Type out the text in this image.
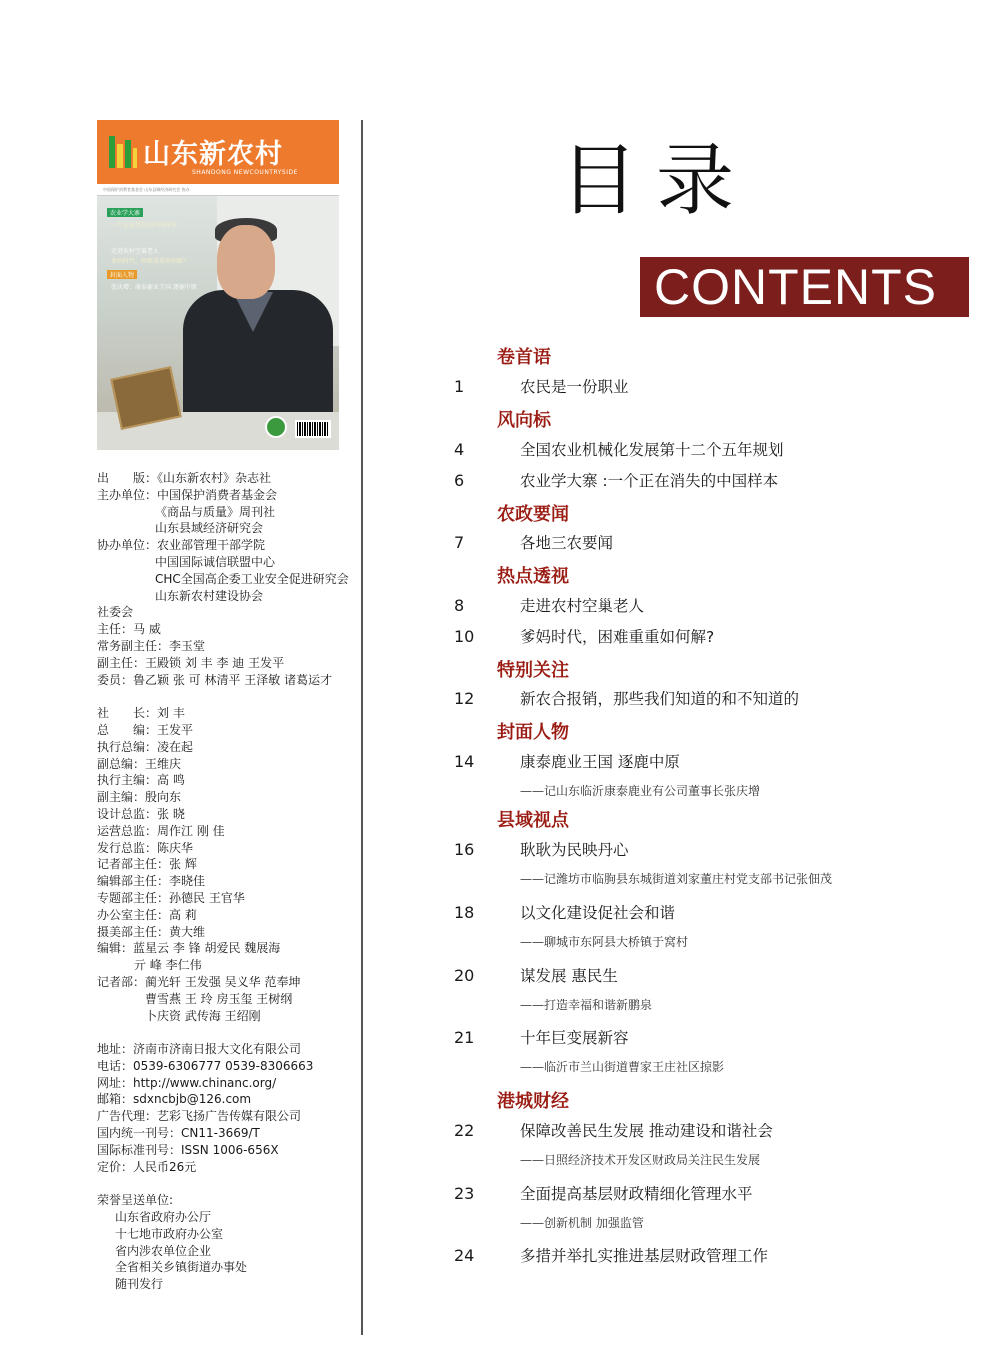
山东新农村
SHANDONG NEWCOUNTRYSIDE
中国保护消费者基金会 山东县域经济研究会 协办
农业学大寨
一个正在消失的中国样本
走进农村空巢老人
爹妈时代，困难重重如何解？
封面人物
张庆增：康泰鹿业王国 逐鹿中原
出　　版：《山东新农村》杂志社
主办单位：中国保护消费者基金会
《商品与质量》周刊社
山东县域经济研究会
协办单位：农业部管理干部学院
中国国际诚信联盟中心
CHC全国高企委工业安全促进研究会
山东新农村建设协会
社委会
主任：马 威
常务副主任：李玉堂
副主任：王殿锁 刘 丰 李 迪 王发平
委员：鲁乙颖 张 可 林清平 王泽敏 诸葛运才
社　　长：刘 丰
总　　编：王发平
执行总编：凌在起
副总编：王维庆
执行主编：高 鸣
副主编：殷向东
设计总监：张 晓
运营总监：周作江 刚 佳
发行总监：陈庆华
记者部主任：张 辉
编辑部主任：李晓佳
专题部主任：孙德民 王官华
办公室主任：高 莉
摄美部主任：黄大维
编辑：蓝星云 李 锋 胡爱民 魏展海
亓 峰 李仁伟
记者部：蔺光轩 王发强 吴义华 范奉坤
曹雪燕 王 玲 房玉玺 王树纲
卜庆资 武传海 王绍刚
地址：济南市济南日报大文化有限公司
电话：0539-6306777 0539-8306663
网址：http://www.chinanc.org/
邮箱：sdxncbjb@126.com
广告代理：艺彩飞扬广告传媒有限公司
国内统一刊号：CN11-3669/T
国际标准刊号：ISSN 1006-656X
定价：人民币26元
荣誉呈送单位:
山东省政府办公厅
十七地市政府办公室
省内涉农单位企业
全省相关乡镇街道办事处
随刊发行
目录
CONTENTS
卷首语
1	农民是一份职业
风向标
4	全国农业机械化发展第十二个五年规划
6	农业学大寨 :一个正在消失的中国样本
农政要闻
7	各地三农要闻
热点透视
8	走进农村空巢老人
10	爹妈时代，困难重重如何解?
特别关注
12	新农合报销，那些我们知道的和不知道的
封面人物
14	康泰鹿业王国 逐鹿中原
——记山东临沂康泰鹿业有公司董事长张庆增
县域视点
16	耿耿为民映丹心
——记潍坊市临朐县东城街道刘家董庄村党支部书记张佃茂
18	以文化建设促社会和谐
——聊城市东阿县大桥镇于窝村
20	谋发展 惠民生
——打造幸福和谐新鹏泉
21	十年巨变展新容
——临沂市兰山街道曹家王庄社区掠影
港城财经
22	保障改善民生发展 推动建设和谐社会
——日照经济技术开发区财政局关注民生发展
23	全面提高基层财政精细化管理水平
——创新机制 加强监管
24	多措并举扎实推进基层财政管理工作
